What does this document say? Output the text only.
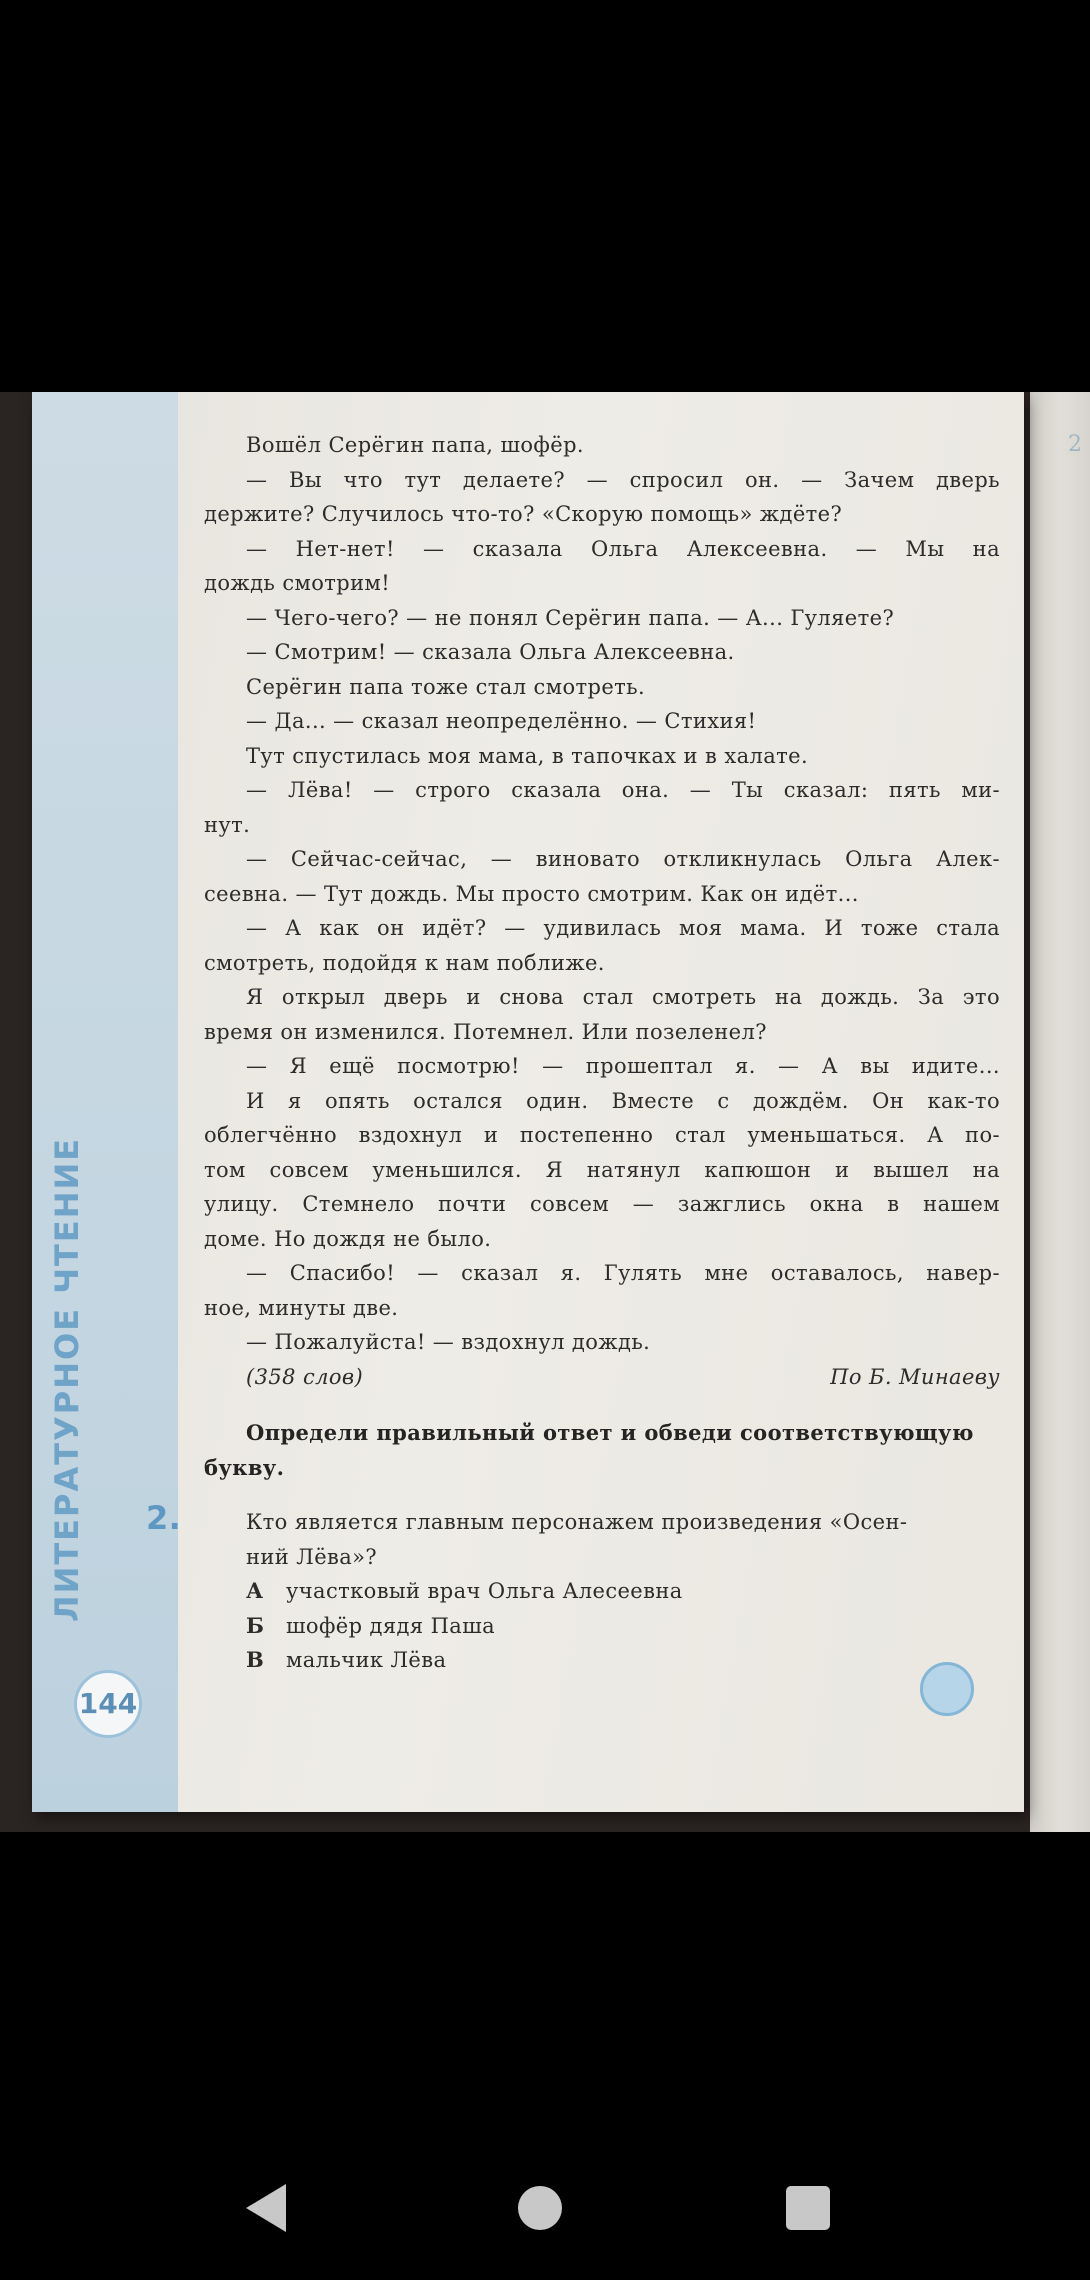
2
ЛИТЕРАТУРНОЕ ЧТЕНИЕ
144
Вошёл Серёгин папа, шофёр.
— Вы что тут делаете? — спросил он. — Зачем дверь
держите? Случилось что-то? «Скорую помощь» ждёте?
— Нет-нет! — сказала Ольга Алексеевна. — Мы на
дождь смотрим!
— Чего-чего? — не понял Серёгин папа. — А... Гуляете?
— Смотрим! — сказала Ольга Алексеевна.
Серёгин папа тоже стал смотреть.
— Да... — сказал неопределённо. — Стихия!
Тут спустилась моя мама, в тапочках и в халате.
— Лёва! — строго сказала она. — Ты сказал: пять ми-
нут.
— Сейчас-сейчас, — виновато откликнулась Ольга Алек-
сеевна. — Тут дождь. Мы просто смотрим. Как он идёт...
— А как он идёт? — удивилась моя мама. И тоже стала
смотреть, подойдя к нам поближе.
Я открыл дверь и снова стал смотреть на дождь. За это
время он изменился. Потемнел. Или позеленел?
— Я ещё посмотрю! — прошептал я. — А вы идите...
И я опять остался один. Вместе с дождём. Он как-то
облегчённо вздохнул и постепенно стал уменьшаться. А по-
том совсем уменьшился. Я натянул капюшон и вышел на
улицу. Стемнело почти совсем — зажглись окна в нашем
доме. Но дождя не было.
— Спасибо! — сказал я. Гулять мне оставалось, навер-
ное, минуты две.
— Пожалуйста! — вздохнул дождь.
(358 слов)	По Б. Минаеву
Определи правильный ответ и обведи соответствующую
букву.
2.	Кто является главным персонажем произведения «Осен-
ний Лёва»?
А	участковый врач Ольга Алесеевна
Б	шофёр дядя Паша
В	мальчик Лёва
